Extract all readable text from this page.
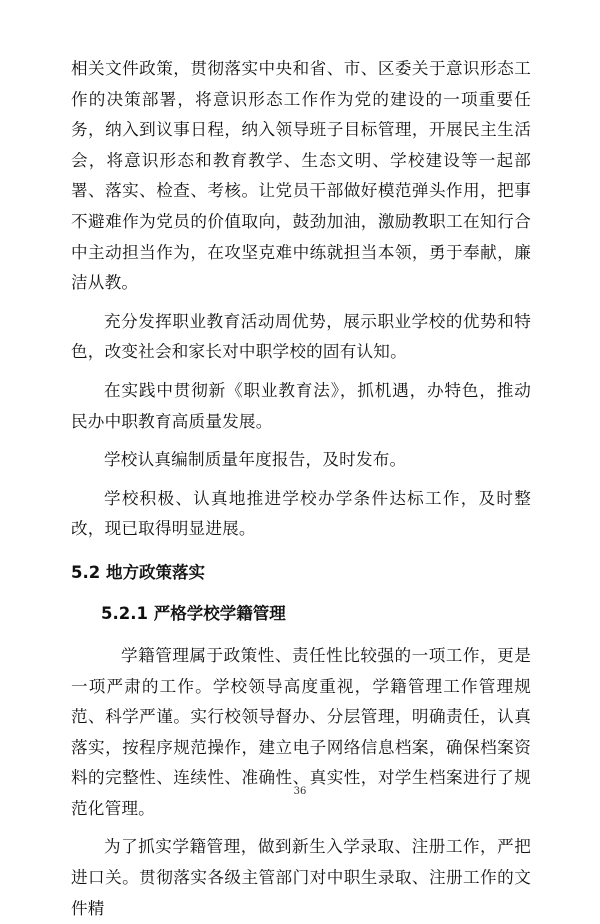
相关文件政策，贯彻落实中央和省、市、区委关于意识形态工作的决策部署，将意识形态工作作为党的建设的一项重要任务，纳入到议事日程，纳入领导班子目标管理，开展民主生活会，将意识形态和教育教学、生态文明、学校建设等一起部署、落实、检查、考核。让党员干部做好模范弹头作用，把事不避难作为党员的价值取向，鼓劲加油，激励教职工在知行合中主动担当作为，在攻坚克难中练就担当本领，勇于奉献，廉洁从教。

充分发挥职业教育活动周优势，展示职业学校的优势和特色，改变社会和家长对中职学校的固有认知。

在实践中贯彻新《职业教育法》，抓机遇，办特色，推动民办中职教育高质量发展。

学校认真编制质量年度报告，及时发布。

学校积极、认真地推进学校办学条件达标工作，及时整改，现已取得明显进展。

5.2 地方政策落实
5.2.1 严格学校学籍管理

学籍管理属于政策性、责任性比较强的一项工作，更是一项严肃的工作。学校领导高度重视，学籍管理工作管理规范、科学严谨。实行校领导督办、分层管理，明确责任，认真落实，按程序规范操作，建立电子网络信息档案，确保档案资料的完整性、连续性、准确性、真实性，对学生档案进行了规范化管理。

为了抓实学籍管理，做到新生入学录取、注册工作，严把进口关。贯彻落实各级主管部门对中职生录取、注册工作的文件精

36
